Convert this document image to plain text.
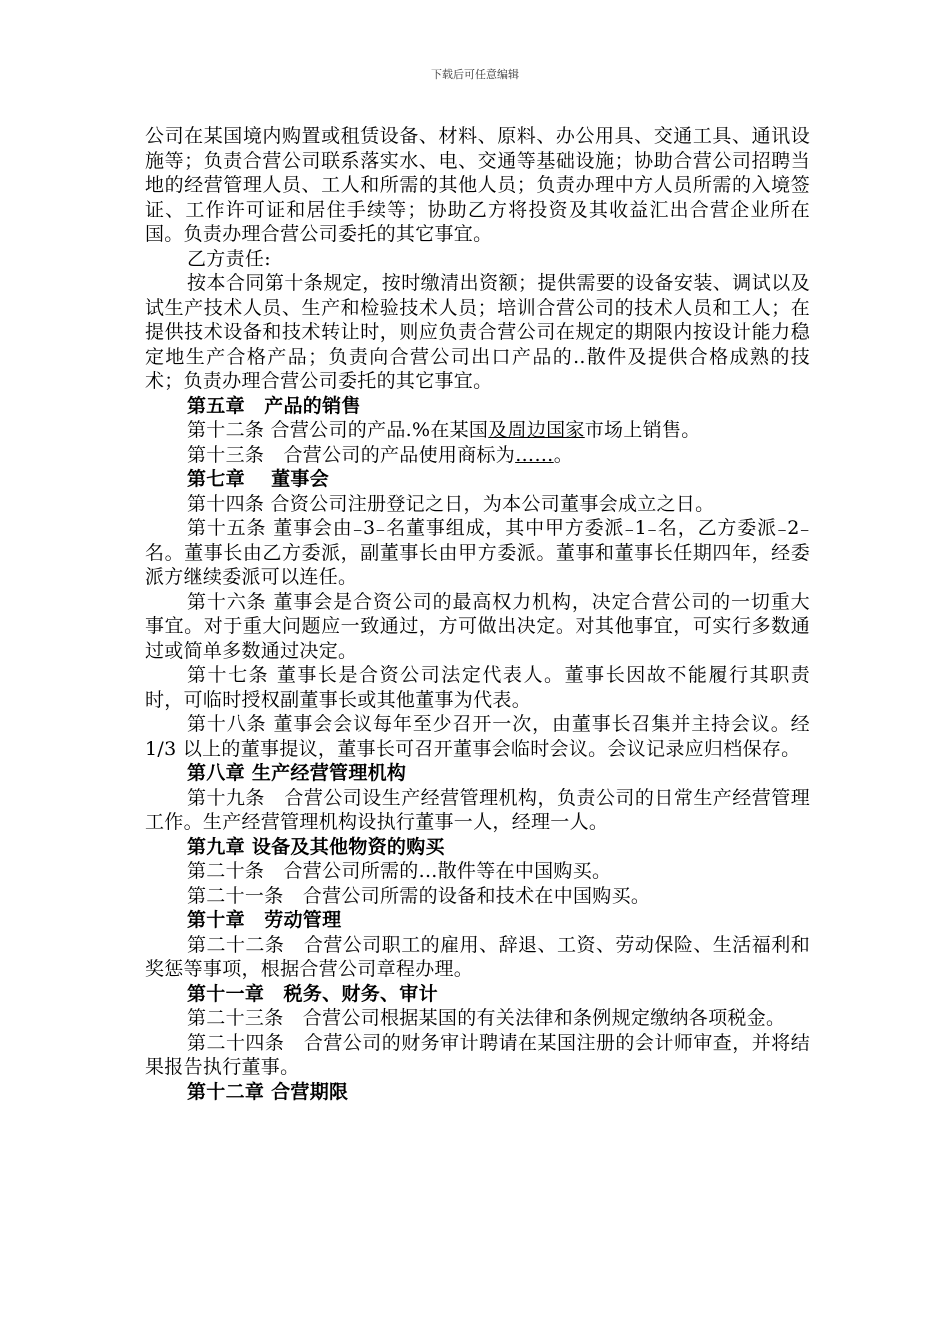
下载后可任意编辑

公司在某国境内购置或租赁设备、材料、原料、办公用具、交通工具、通讯设施等；负责合营公司联系落实水、电、交通等基础设施；协助合营公司招聘当地的经营管理人员、工人和所需的其他人员；负责办理中方人员所需的入境签证、工作许可证和居住手续等；协助乙方将投资及其收益汇出合营企业所在国。负责办理合营公司委托的其它事宜。

乙方责任:

按本合同第十条规定，按时缴清出资额；提供需要的设备安装、调试以及试生产技术人员、生产和检验技术人员；培训合营公司的技术人员和工人；在提供技术设备和技术转让时，则应负责合营公司在规定的期限内按设计能力稳定地生产合格产品；负责向合营公司出口产品的..散件及提供合格成熟的技术；负责办理合营公司委托的其它事宜。

第五章　产品的销售

第十二条 合营公司的产品.%在某国及周边国家市场上销售。

第十三条　合营公司的产品使用商标为……。

第七章　 董事会

第十四条 合资公司注册登记之日，为本公司董事会成立之日。

第十五条 董事会由₋3₋名董事组成，其中甲方委派₋1₋名，乙方委派₋2₋名。董事长由乙方委派，副董事长由甲方委派。董事和董事长任期四年，经委派方继续委派可以连任。

第十六条 董事会是合资公司的最高权力机构，决定合营公司的一切重大事宜。对于重大问题应一致通过，方可做出决定。对其他事宜，可实行多数通过或简单多数通过决定。

第十七条 董事长是合资公司法定代表人。董事长因故不能履行其职责时，可临时授权副董事长或其他董事为代表。

第十八条 董事会会议每年至少召开一次，由董事长召集并主持会议。经 1/3 以上的董事提议，董事长可召开董事会临时会议。会议记录应归档保存。

第八章 生产经营管理机构

第十九条　合营公司设生产经营管理机构，负责公司的日常生产经营管理工作。生产经营管理机构设执行董事一人，经理一人。

第九章 设备及其他物资的购买

第二十条　合营公司所需的...散件等在中国购买。

第二十一条　合营公司所需的设备和技术在中国购买。

第十章　劳动管理

第二十二条　合营公司职工的雇用、辞退、工资、劳动保险、生活福利和奖惩等事项，根据合营公司章程办理。

第十一章　税务、财务、审计

第二十三条　合营公司根据某国的有关法律和条例规定缴纳各项税金。

第二十四条　合营公司的财务审计聘请在某国注册的会计师审查，并将结果报告执行董事。

第十二章 合营期限
